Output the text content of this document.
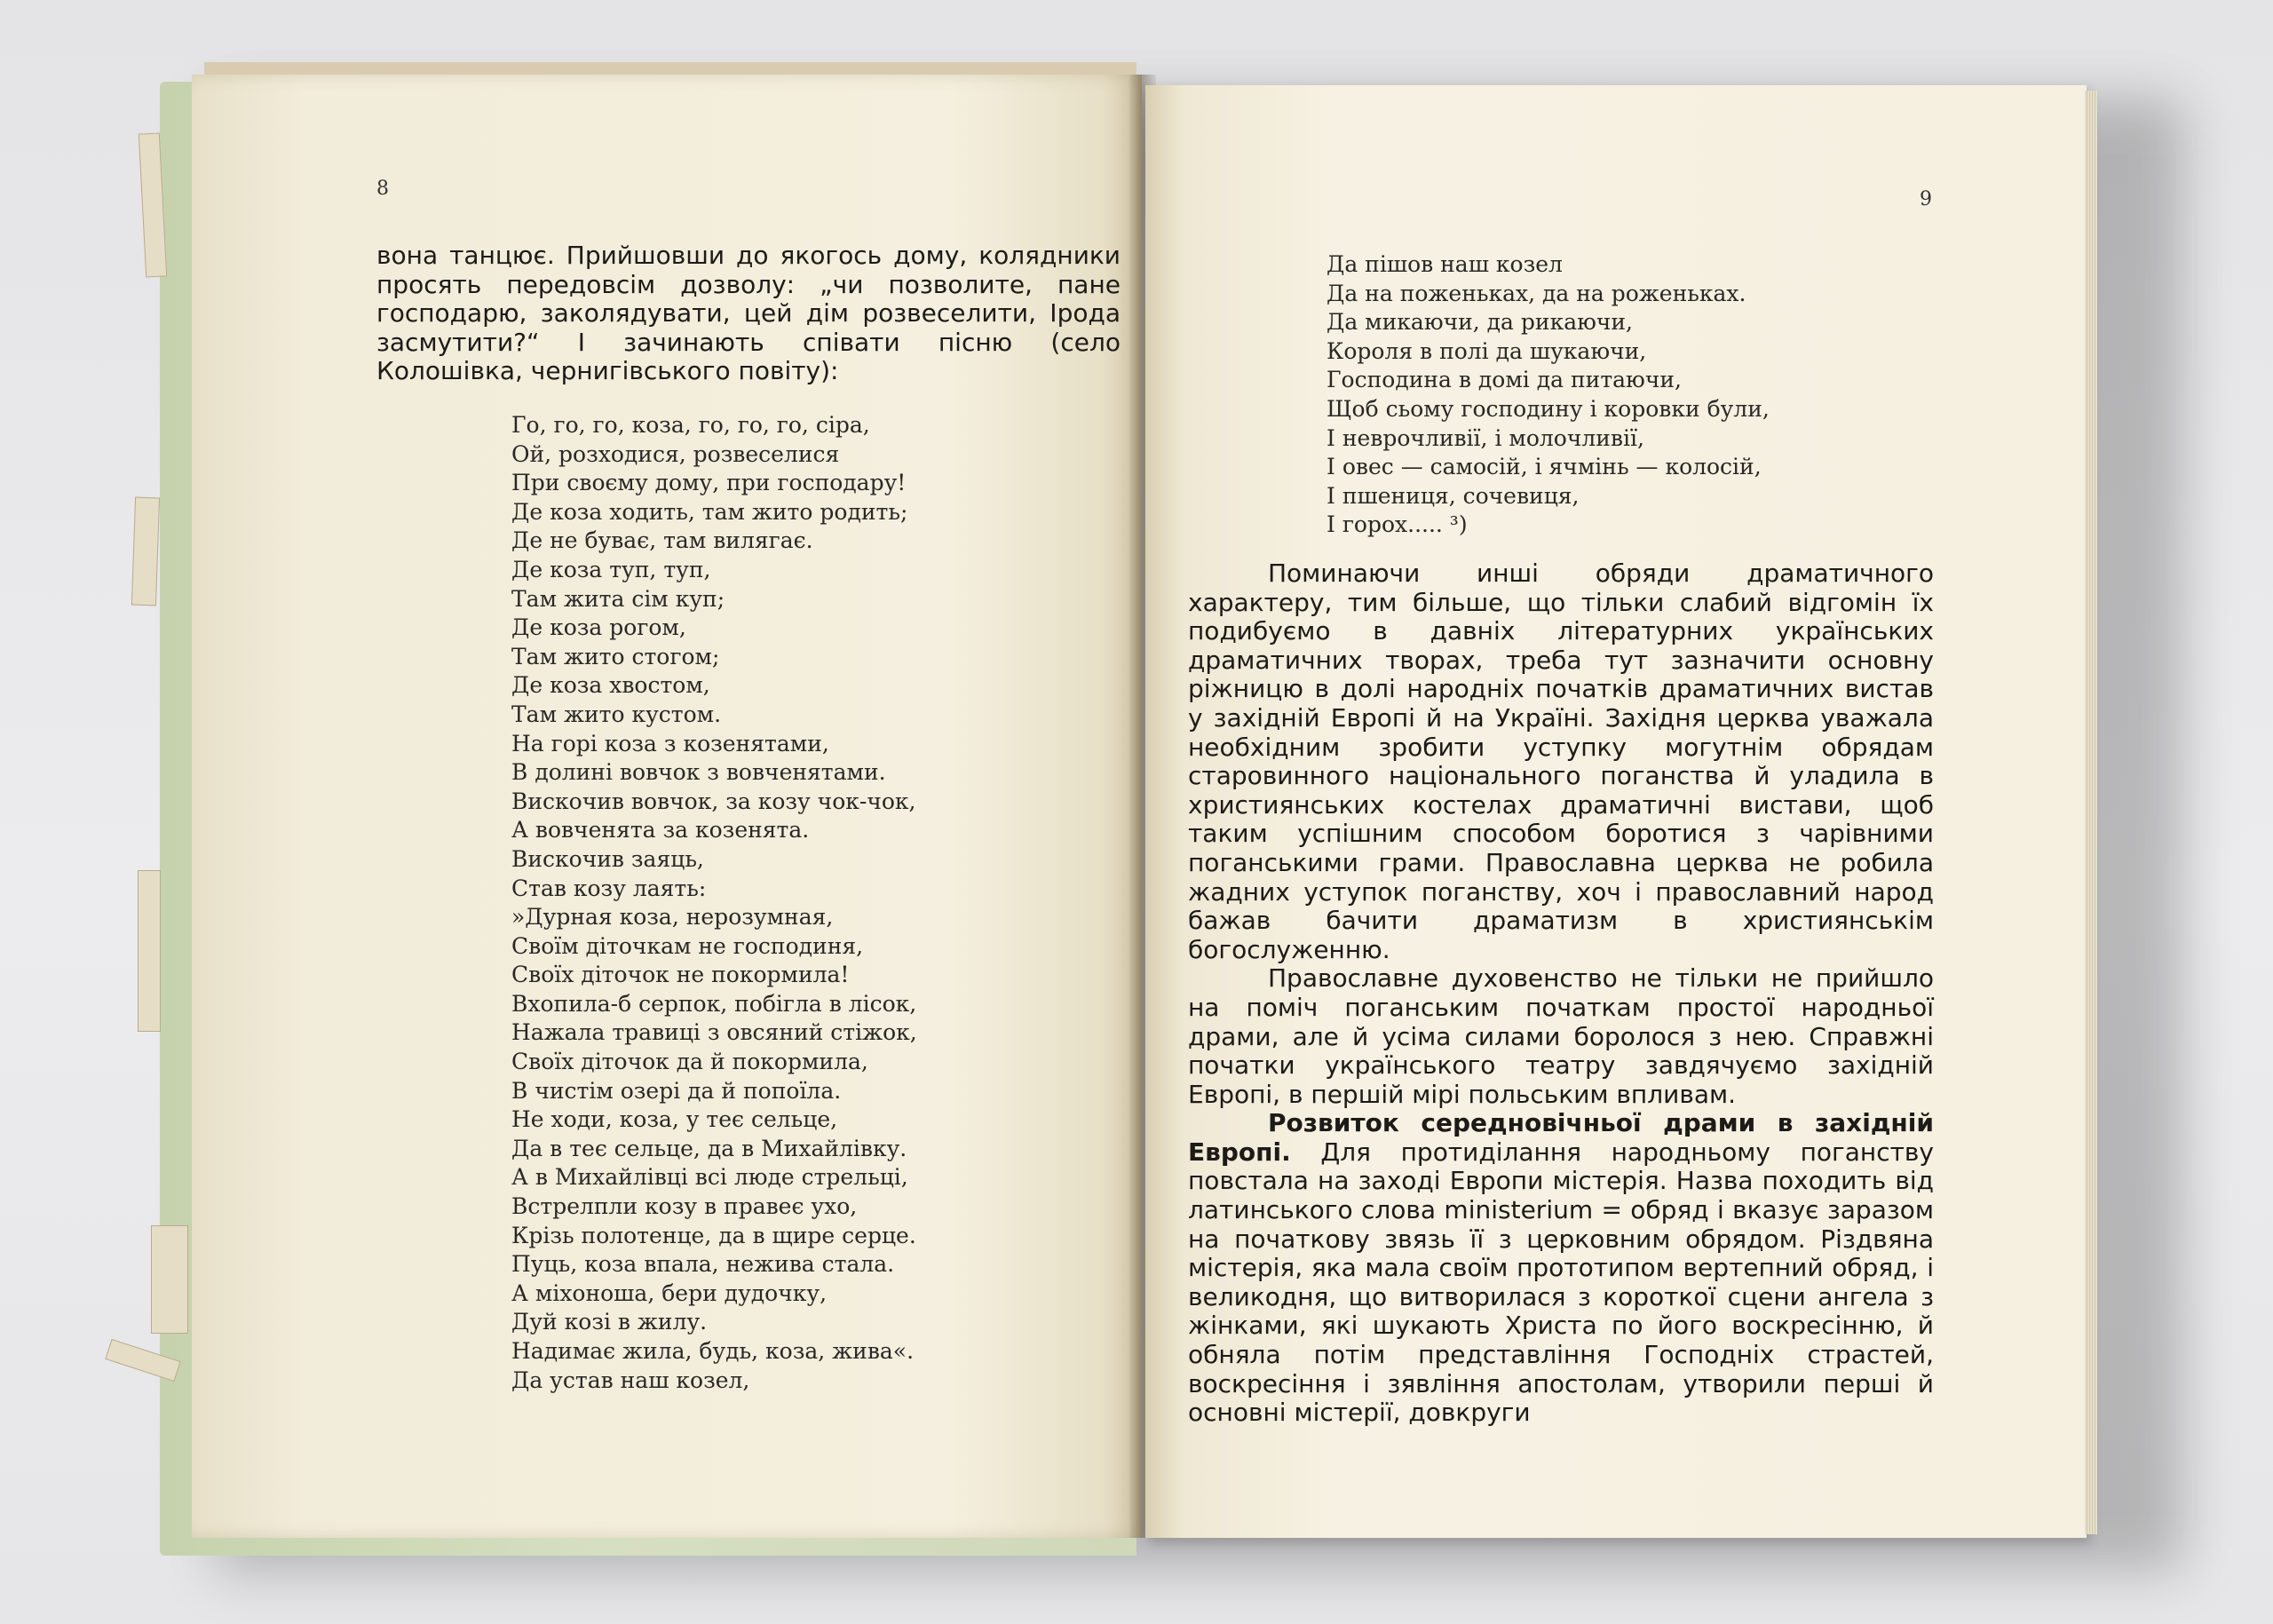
8

вона танцює. Прийшовши до якогось дому, колядники просять передовсім дозволу: „чи позволите, пане господарю, заколядувати, цей дім розвеселити, Ірода засмутити?“ І зачинають співати пісню (село Колошівка, чернигівського повіту):

Го, го, го, коза, го, го, го, сіра,
Ой, розходися, розвеселися
При своєму дому, при господару!
Де коза ходить, там жито родить;
Де не буває, там вилягає.
Де коза туп, туп,
Там жита сім куп;
Де коза рогом,
Там жито стогом;
Де коза хвостом,
Там жито кустом.
На горі коза з козенятами,
В долині вовчок з вовченятами.
Вискочив вовчок, за козу чок-чок,
А вовченята за козенята.
Вискочив заяць,
Став козу лаять:
»Дурная коза, нерозумная,
Своїм діточкам не господиня,
Своїх діточок не покормила!
Вхопила-б серпок, побігла в лісок,
Нажала травиці з овсяний стіжок,
Своїх діточок да й покормила,
В чистім озері да й попоїла.
Не ходи, коза, у теє сельце,
Да в теє сельце, да в Михайлівку.
А в Михайлівці всі люде стрельці,
Встрелпли козу в правеє ухо,
Крізь полотенце, да в щире серце.
Пуць, коза впала, нежива стала.
А міхоноша, бери дудочку,
Дуй козі в жилу.
Надимає жила, будь, коза, жива«.
Да устав наш козел,
9
Да пішов наш козел
Да на поженьках, да на роженьках.
Да микаючи, да рикаючи,
Короля в полі да шукаючи,
Господина в домі да питаючи,
Щоб сьому господину і коровки були,
І неврочливії, і молочливії,
І овес — самосій, і ячмінь — колосій,
І пшениця, сочевиця,
І горох..... ³)

Поминаючи инші обряди драматичного характеру, тим більше, що тільки слабий відгомін їх подибуємо в давніх літературних українських драматичних творах, треба тут зазначити основну ріжницю в долі народніх початків драматичних вистав у західній Европі й на Україні. Західня церква уважала необхідним зробити уступку могутнім обрядам старовинного національного поганства й уладила в християнських костелах драматичні вистави, щоб таким успішним способом боротися з чарівними поганськими грами. Православна церква не робила жадних уступок поганству, хоч і православний народ бажав бачити драматизм в християнськім богослуженню.

Православне духовенство не тільки не прийшло на поміч поганським початкам простої народньої драми, але й усіма силами боролося з нею. Справжні початки українського театру завдячуємо західній Европі, в першій мірі польським впливам.

Розвиток середновічньої драми в західній Европі. Для протиділання народньому поганству повстала на заході Европи містерія. Назва походить від латинського слова ministerium = обряд і вказує заразом на початкову звязь її з церковним обрядом. Різдвяна містерія, яка мала своїм прототипом вертепний обряд, і великодня, що витворилася з короткої сцени ангела з жінками, які шукають Христа по його воскресінню, й обняла потім представління Господніх страстей, воскресіння і зявління апостолам, утворили перші й основні містерії, довкруги
